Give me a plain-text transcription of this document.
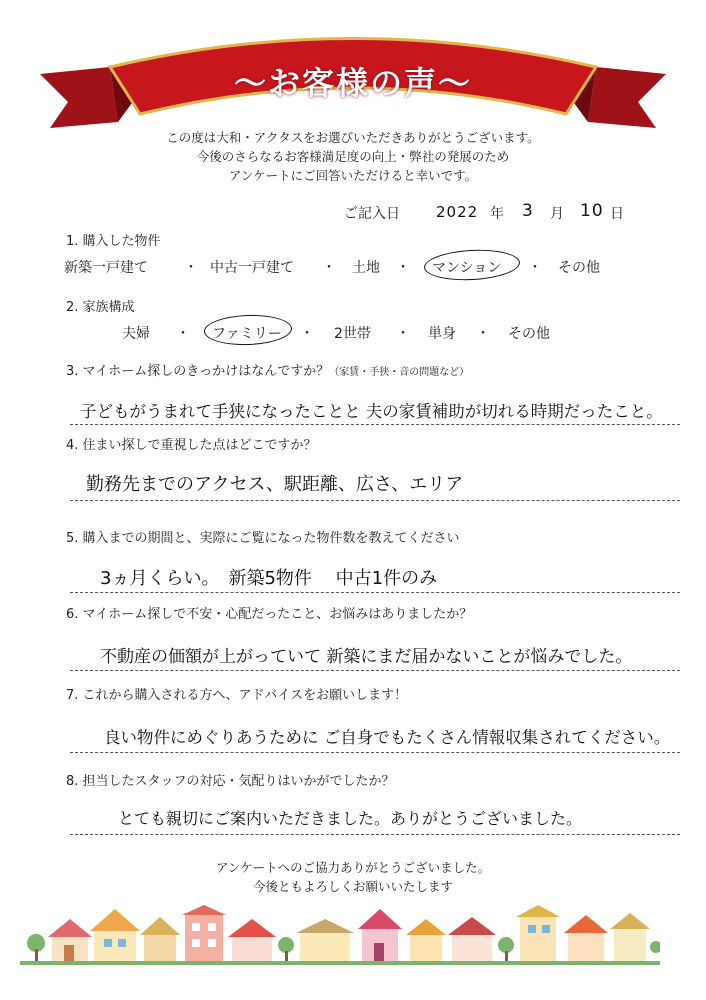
～お客様の声～
この度は大和・アクタスをお選びいただきありがとうございます。
今後のさらなるお客様満足度の向上・弊社の発展のため
アンケートにご回答いただけると幸いです。
ご記入日 2022 年 3 月 10 日
1. 購入した物件
新築一戸建て	・ 中古一戸建て ・ 土地 ・ マンション ・ その他
2. 家族構成
夫婦 ・ ファミリー ・ 2世帯 ・ 単身 ・ その他
3. マイホーム探しのきっかけはなんですか？（家賃・手狭・音の問題など）
子どもがうまれて手狭になったことと 夫の家賃補助が切れる時期だったこと。
4. 住まい探しで重視した点はどこですか？
勤務先までのアクセス、駅距離、広さ、エリア
5. 購入までの期間と、実際にご覧になった物件数を教えてください
3ヵ月くらい。　新築5物件　 中古1件のみ
6. マイホーム探しで不安・心配だったこと、お悩みはありましたか？
不動産の価額が上がっていて 新築にまだ届かないことが悩みでした。
7. これから購入される方へ、アドバイスをお願いします！
良い物件にめぐりあうために ご自身でもたくさん情報収集されてください。
8. 担当したスタッフの対応・気配りはいかがでしたか？
とても親切にご案内いただきました。ありがとうございました。
アンケートへのご協力ありがとうございました。
今後ともよろしくお願いいたします
